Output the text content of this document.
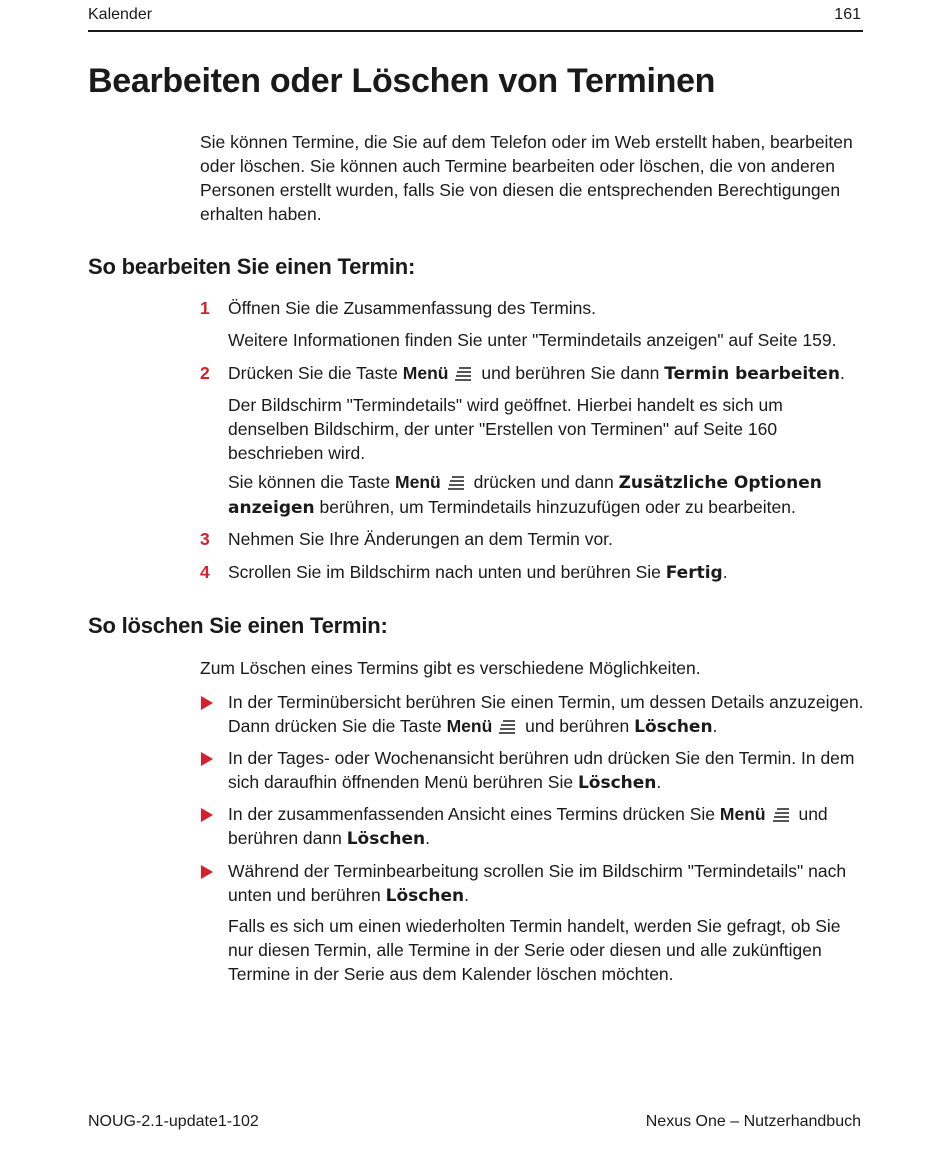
Kalender	161
Bearbeiten oder Löschen von Terminen

Sie können Termine, die Sie auf dem Telefon oder im Web erstellt haben, bearbeiten oder löschen. Sie können auch Termine bearbeiten oder löschen, die von anderen Personen erstellt wurden, falls Sie von diesen die entsprechenden Berechtigungen erhalten haben.

So bearbeiten Sie einen Termin:
1	Öffnen Sie die Zusammenfassung des Termins.
Weitere Informationen finden Sie unter "Termindetails anzeigen" auf Seite 159.
2	Drücken Sie die Taste Menü
und berühren Sie dann Termin bearbeiten.
Der Bildschirm "Termindetails" wird geöffnet. Hierbei handelt es sich um denselben Bildschirm, der unter "Erstellen von Terminen" auf Seite 160 beschrieben wird.
Sie können die Taste Menü
drücken und dann Zusätzliche Optionen anzeigen berühren, um Termindetails hinzuzufügen oder zu bearbeiten.
3	Nehmen Sie Ihre Änderungen an dem Termin vor.
4	Scrollen Sie im Bildschirm nach unten und berühren Sie Fertig.
So löschen Sie einen Termin:

Zum Löschen eines Termins gibt es verschiedene Möglichkeiten.

In der Terminübersicht berühren Sie einen Termin, um dessen Details anzuzeigen. Dann drücken Sie die Taste Menü
und berühren Löschen.
In der Tages- oder Wochenansicht berühren udn drücken Sie den Termin. In dem sich daraufhin öffnenden Menü berühren Sie Löschen.
In der zusammenfassenden Ansicht eines Termins drücken Sie Menü
und berühren dann Löschen.
Während der Terminbearbeitung scrollen Sie im Bildschirm "Termindetails" nach unten und berühren Löschen.
Falls es sich um einen wiederholten Termin handelt, werden Sie gefragt, ob Sie nur diesen Termin, alle Termine in der Serie oder diesen und alle zukünftigen Termine in der Serie aus dem Kalender löschen möchten.
NOUG-2.1-update1-102	Nexus One – Nutzerhandbuch
